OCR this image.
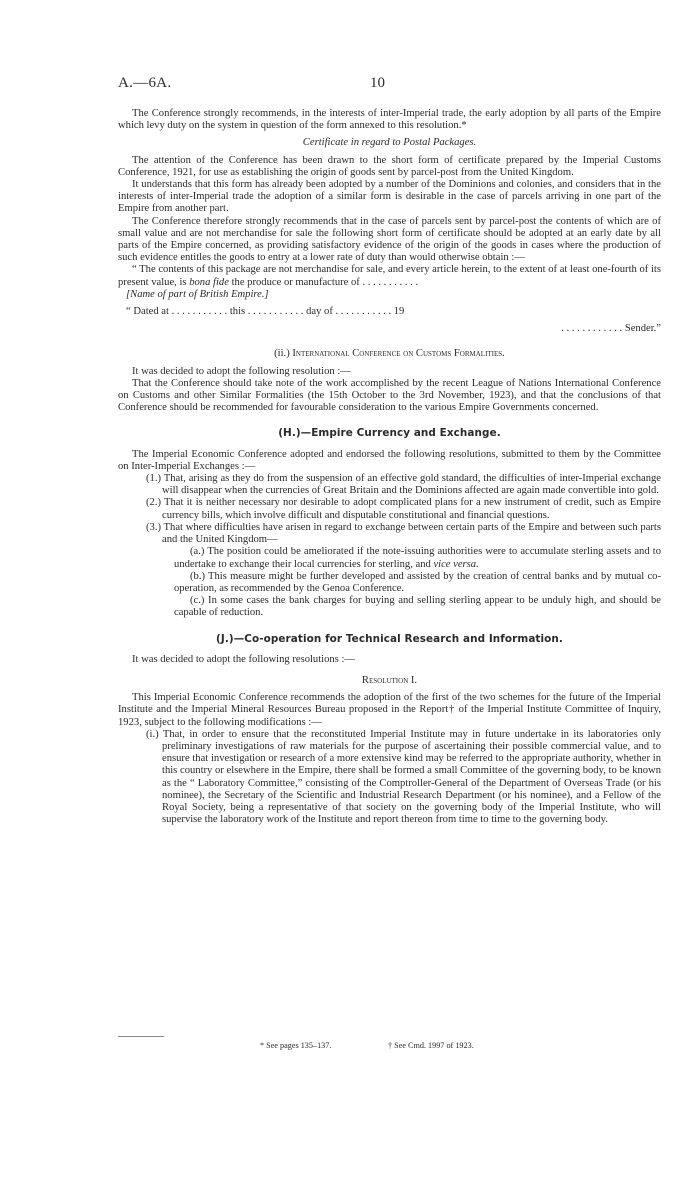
A.—6A.	10

The Conference strongly recommends, in the interests of inter-Imperial trade, the early adoption by all parts of the Empire which levy duty on the system in question of the form annexed to this resolution.*

Certificate in regard to Postal Packages.

The attention of the Conference has been drawn to the short form of certificate prepared by the Imperial Customs Conference, 1921, for use as establishing the origin of goods sent by parcel-post from the United Kingdom.

It understands that this form has already been adopted by a number of the Dominions and colonies, and considers that in the interests of inter-Imperial trade the adoption of a similar form is desirable in the case of parcels arriving in one part of the Empire from another part.

The Conference therefore strongly recommends that in the case of parcels sent by parcel-post the contents of which are of small value and are not merchandise for sale the following short form of certificate should be adopted at an early date by all parts of the Empire concerned, as providing satisfactory evidence of the origin of the goods in cases where the production of such evidence entitles the goods to entry at a lower rate of duty than would otherwise obtain :—

“ The contents of this package are not merchandise for sale, and every article herein, to the extent of at least one-fourth of its present value, is bona fide the produce or manufacture of . . . . . . . . . . .

[Name of part of British Empire.]

“ Dated at . . . . . . . . . . . this . . . . . . . . . . . day of . . . . . . . . . . . 19

. . . . . . . . . . . . Sender.”

(ii.) International Conference on Customs Formalities.

It was decided to adopt the following resolution :—

That the Conference should take note of the work accomplished by the recent League of Nations International Conference on Customs and other Similar Formalities (the 15th October to the 3rd November, 1923), and that the conclusions of that Conference should be recommended for favourable consideration to the various Empire Governments concerned.

(H.)—Empire Currency and Exchange.

The Imperial Economic Conference adopted and endorsed the following resolutions, submitted to them by the Committee on Inter-Imperial Exchanges :—

(1.) That, arising as they do from the suspension of an effective gold standard, the difficulties of inter-Imperial exchange will disappear when the currencies of Great Britain and the Dominions affected are again made convertible into gold.

(2.) That it is neither necessary nor desirable to adopt complicated plans for a new instrument of credit, such as Empire currency bills, which involve difficult and disputable constitutional and financial questions.

(3.) That where difficulties have arisen in regard to exchange between certain parts of the Empire and between such parts and the United Kingdom—

(a.) The position could be ameliorated if the note-issuing authorities were to accumulate sterling assets and to undertake to exchange their local currencies for sterling, and vice versa.

(b.) This measure might be further developed and assisted by the creation of central banks and by mutual co-operation, as recommended by the Genoa Conference.

(c.) In some cases the bank charges for buying and selling sterling appear to be unduly high, and should be capable of reduction.

(J.)—Co-operation for Technical Research and Information.

It was decided to adopt the following resolutions :—

Resolution I.

This Imperial Economic Conference recommends the adoption of the first of the two schemes for the future of the Imperial Institute and the Imperial Mineral Resources Bureau proposed in the Report† of the Imperial Institute Committee of Inquiry, 1923, subject to the following modifications :—

(i.) That, in order to ensure that the reconstituted Imperial Institute may in future undertake in its laboratories only preliminary investigations of raw materials for the purpose of ascertaining their possible commercial value, and to ensure that investigation or research of a more extensive kind may be referred to the appropriate authority, whether in this country or elsewhere in the Empire, there shall be formed a small Committee of the governing body, to be known as the “ Laboratory Committee,” consisting of the Comptroller-General of the Department of Overseas Trade (or his nominee), the Secretary of the Scientific and Industrial Research Department (or his nominee), and a Fellow of the Royal Society, being a representative of that society on the governing body of the Imperial Institute, who will supervise the laboratory work of the Institute and report thereon from time to time to the governing body.

* See pages 135–137.	† See Cmd. 1997 of 1923.
